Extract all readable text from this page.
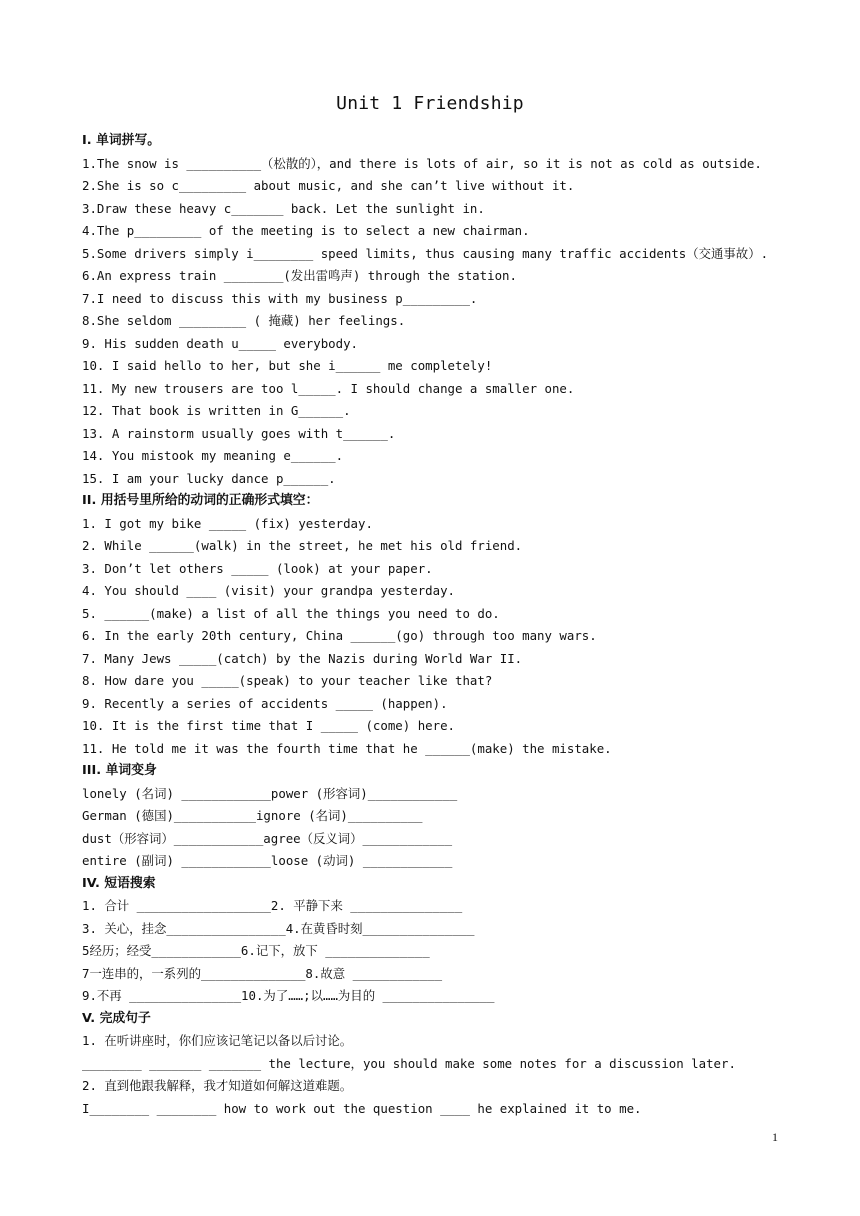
Unit 1 Friendship
I. 单词拼写。
1.The snow is __________（松散的），and there is lots of air, so it is not as cold as outside.
2.She is so c_________ about music, and she can’t live without it.
3.Draw these heavy c_______ back. Let the sunlight in.
4.The p_________ of the meeting is to select a new chairman.
5.Some drivers simply i________ speed limits, thus causing many traffic accidents（交通事故）.
6.An express train ________(发出雷鸣声) through the station.
7.I need to discuss this with my business p_________.
8.She seldom _________ ( 掩藏) her feelings.
9. His sudden death u_____ everybody.
10. I said hello to her, but she i______ me completely!
11. My new trousers are too l_____. I should change a smaller one.
12. That book is written in G______.
13. A rainstorm usually goes with t______.
14. You mistook my meaning e______.
15. I am your lucky dance p______.
II. 用括号里所给的动词的正确形式填空：
1. I got my bike _____ (fix) yesterday.
2. While ______(walk) in the street, he met his old friend.
3. Don’t let others _____ (look) at your paper.
4. You should ____ (visit) your grandpa yesterday.
5. ______(make) a list of all the things you need to do.
6. In the early 20th century, China ______(go) through too many wars.
7. Many Jews _____(catch) by the Nazis during World War II.
8. How dare you _____(speak) to your teacher like that?
9. Recently a series of accidents _____ (happen).
10. It is the first time that I _____ (come) here.
11. He told me it was the fourth time that he ______(make) the mistake.
III. 单词变身
lonely (名词) ____________power (形容词)____________
German (德国)___________ignore (名词)__________
dust（形容词）____________agree（反义词）____________
entire (副词) ____________loose (动词) ____________
IV. 短语搜索
1. 合计 __________________2. 平静下来 _______________
3. 关心，挂念________________4.在黄昏时刻_______________
5经历；经受____________6.记下，放下 ______________
7一连串的，一系列的______________8.故意 ____________
9.不再 _______________10.为了……;以……为目的 _______________
V. 完成句子
1. 在听讲座时，你们应该记笔记以备以后讨论。
________ _______ _______ the lecture，you should make some notes for a discussion later.
2. 直到他跟我解释，我才知道如何解这道难题。
I________ ________ how to work out the question ____ he explained it to me.
1
